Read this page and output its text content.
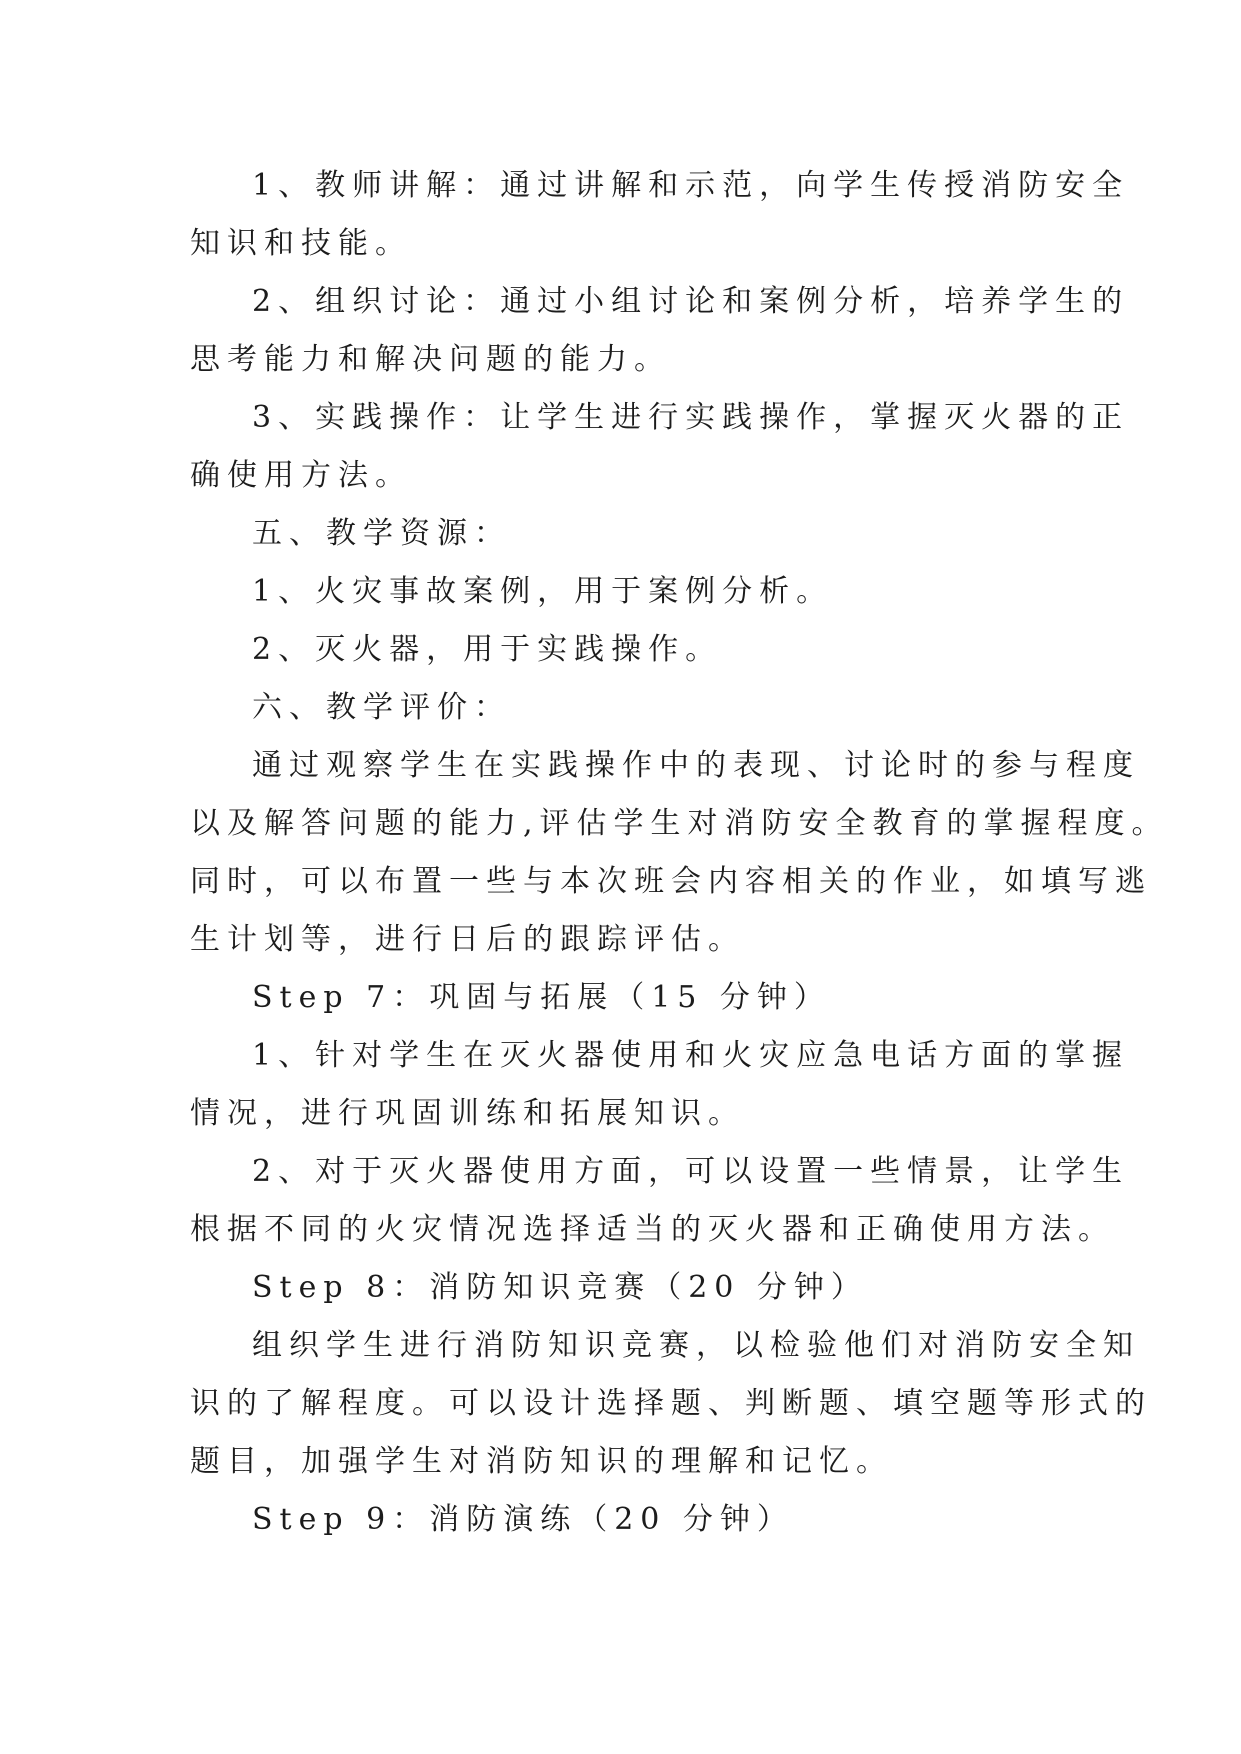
1、教师讲解：通过讲解和示范，向学生传授消防安全
知识和技能。
2、组织讨论：通过小组讨论和案例分析，培养学生的
思考能力和解决问题的能力。
3、实践操作：让学生进行实践操作，掌握灭火器的正
确使用方法。
五、教学资源：
1、火灾事故案例，用于案例分析。
2、灭火器，用于实践操作。
六、教学评价：
通过观察学生在实践操作中的表现、讨论时的参与程度
以及解答问题的能力,评估学生对消防安全教育的掌握程度。
同时，可以布置一些与本次班会内容相关的作业，如填写逃
生计划等，进行日后的跟踪评估。
Step 7：巩固与拓展（15 分钟）
1、针对学生在灭火器使用和火灾应急电话方面的掌握
情况，进行巩固训练和拓展知识。
2、对于灭火器使用方面，可以设置一些情景，让学生
根据不同的火灾情况选择适当的灭火器和正确使用方法。
Step 8：消防知识竞赛（20 分钟）
组织学生进行消防知识竞赛，以检验他们对消防安全知
识的了解程度。可以设计选择题、判断题、填空题等形式的
题目，加强学生对消防知识的理解和记忆。
Step 9：消防演练（20 分钟）
